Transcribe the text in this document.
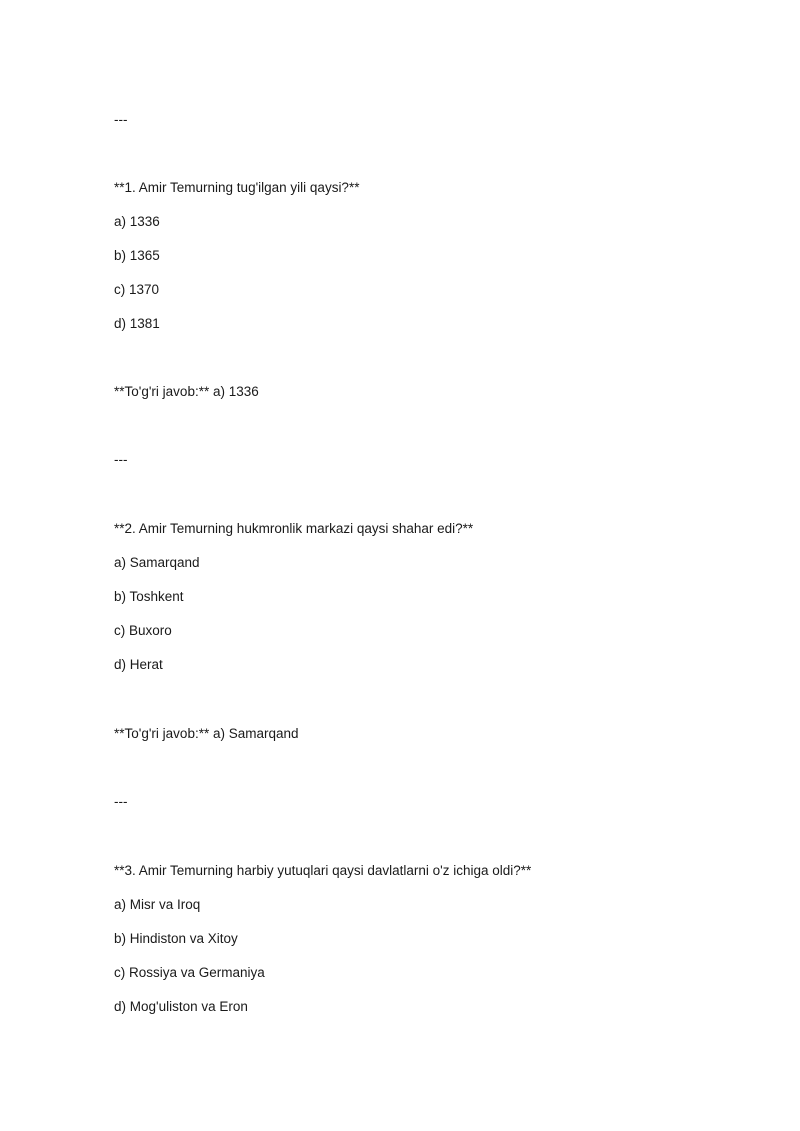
---
**1. Amir Temurning tug'ilgan yili qaysi?**
a) 1336
b) 1365
c) 1370
d) 1381
**To'g'ri javob:** a) 1336
---
**2. Amir Temurning hukmronlik markazi qaysi shahar edi?**
a) Samarqand
b) Toshkent
c) Buxoro
d) Herat
**To'g'ri javob:** a) Samarqand
---
**3. Amir Temurning harbiy yutuqlari qaysi davlatlarni o'z ichiga oldi?**
a) Misr va Iroq
b) Hindiston va Xitoy
c) Rossiya va Germaniya
d) Mog'uliston va Eron
